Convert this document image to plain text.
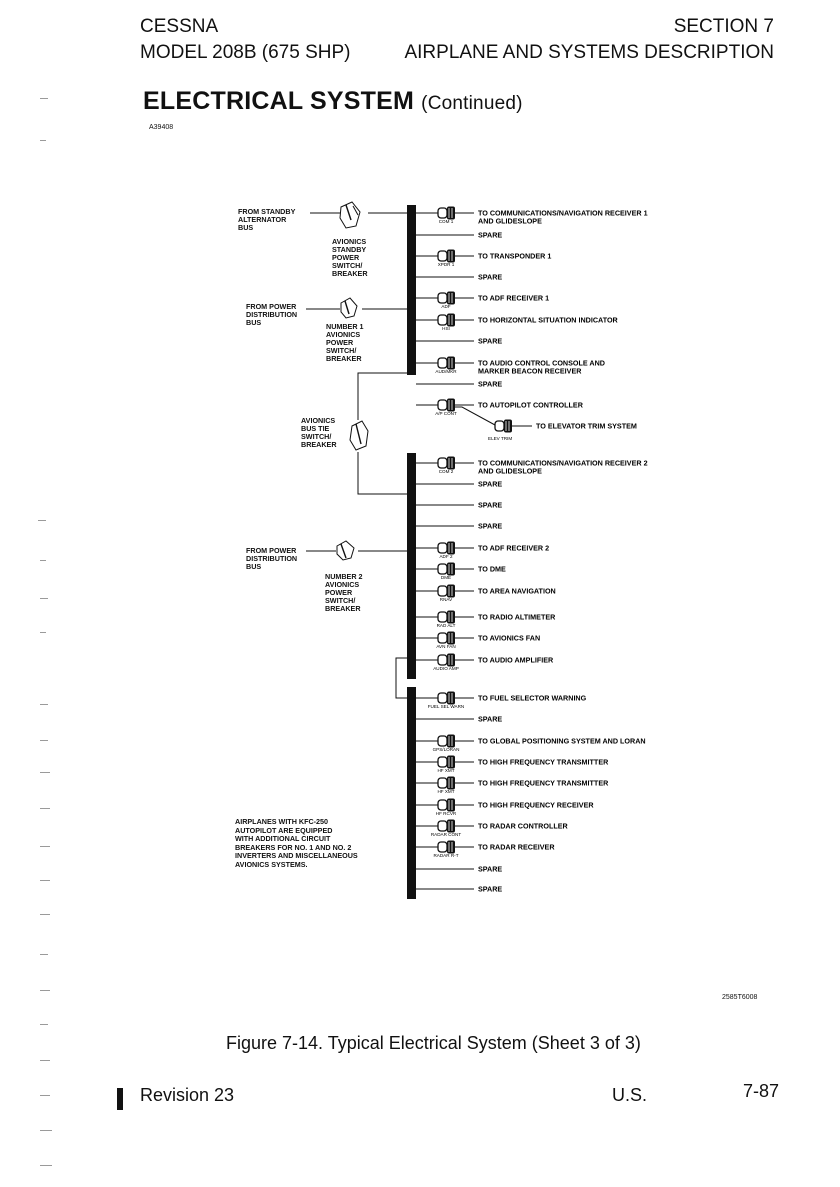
CESSNA
MODEL 208B (675 SHP)
SECTION 7
AIRPLANE AND SYSTEMS DESCRIPTION
ELECTRICAL SYSTEM (Continued)
A39408
COM 1
TO COMMUNICATIONS/NAVIGATION RECEIVER 1
AND GLIDESLOPE
SPARE
XPDR 1
TO TRANSPONDER 1
SPARE
ADF
TO ADF RECEIVER 1
HSI
TO HORIZONTAL SITUATION INDICATOR
SPARE
AUD/MKR
TO AUDIO CONTROL CONSOLE AND
MARKER BEACON RECEIVER
SPARE
A/P CONT
TO AUTOPILOT CONTROLLER
TO ELEVATOR TRIM SYSTEM
ELEV TRIM
COM 2
TO COMMUNICATIONS/NAVIGATION RECEIVER 2
AND GLIDESLOPE
SPARE
SPARE
SPARE
ADF 2
TO ADF RECEIVER 2
DME
TO DME
RNAV
TO AREA NAVIGATION
RAD ALT
TO RADIO ALTIMETER
AVN FAN
TO AVIONICS FAN
AUDIO AMP
TO AUDIO AMPLIFIER
FUEL SEL WARN
TO FUEL SELECTOR WARNING
SPARE
GPS/LORAN
TO GLOBAL POSITIONING SYSTEM AND LORAN
HF XMT
TO HIGH FREQUENCY TRANSMITTER
HF XMT
TO HIGH FREQUENCY TRANSMITTER
HF RCVR
TO HIGH FREQUENCY RECEIVER
RADAR CONT
TO RADAR CONTROLLER
RADAR R-T
TO RADAR RECEIVER
SPARE
SPARE
FROM STANDBY
ALTERNATOR
BUS
AVIONICS
STANDBY
POWER
SWITCH/
BREAKER
FROM POWER
DISTRIBUTION
BUS	NUMBER 1
AVIONICS
POWER
SWITCH/
BREAKER
AVIONICS
BUS TIE
SWITCH/
BREAKER
FROM POWER
DISTRIBUTION
BUS
NUMBER 2
AVIONICS
POWER
SWITCH/
BREAKER
AIRPLANES WITH KFC-250
AUTOPILOT ARE EQUIPPED
WITH ADDITIONAL CIRCUIT
BREAKERS FOR NO. 1 AND NO. 2
INVERTERS AND MISCELLANEOUS
AVIONICS SYSTEMS.
2585T6008
Figure 7-14. Typical Electrical System (Sheet 3 of 3)
Revision 23	U.S.	7-87
